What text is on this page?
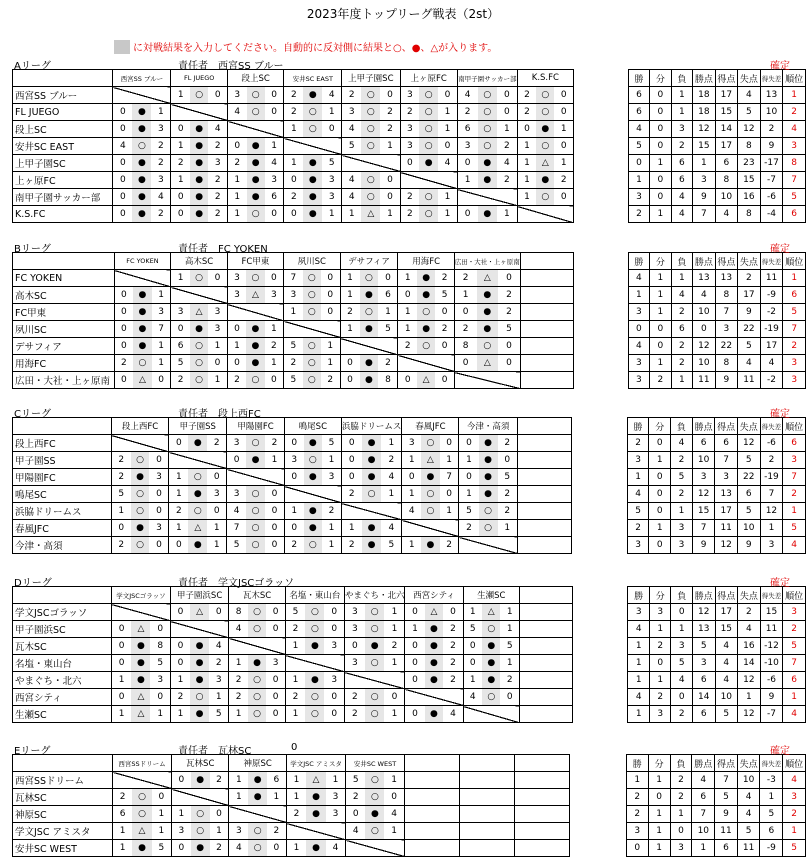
2023年度トップリーグ戦表（2st）
に対戦結果を入力してください。自動的に反対側に結果と○、●、△が入ります。
Aリーグ	責任者 西宮SS ブルー	確定
	西宮SS ブルー	FL JUEGO	段上SC	安井SC EAST	上甲子園SC	上ヶ原FC	南甲子園サッカー部	K.S.FC		勝	分	負	勝点	得点	失点	得失差	順位
西宮SS ブルー		1 ○ 0	3 ○ 0	2 ● 4	2 ○ 0	3 ○ 0	4 ○ 0	2 ○ 0		6	0	1	18	17	4	13	1
FL JUEGO	0 ● 1		4 ○ 0	2 ○ 1	3 ○ 2	2 ○ 1	2 ○ 0	2 ○ 0		6	0	1	18	15	5	10	2
段上SC	0 ● 3	0 ● 4		1 ○ 0	4 ○ 2	3 ○ 1	6 ○ 1	0 ● 1		4	0	3	12	14	12	2	4
安井SC EAST	4 ○ 2	1 ● 2	0 ● 1		5 ○ 1	3 ○ 0	3 ○ 2	1 ○ 0		5	0	2	15	17	8	9	3
上甲子園SC	0 ● 2	2 ● 3	2 ● 4	1 ● 5		0 ● 4	0 ● 4	1 △ 1		0	1	6	1	6	23	-17	8
上ヶ原FC	0 ● 3	1 ● 2	1 ● 3	0 ● 3	4 ○ 0		1 ● 2	1 ● 2		1	0	6	3	8	15	-7	7
南甲子園サッカー部	0 ● 4	0 ● 2	1 ● 6	2 ● 3	4 ○ 0	2 ○ 1		1 ○ 0		3	0	4	9	10	16	-6	5
K.S.FC	0 ● 2	0 ● 2	1 ○ 0	0 ● 1	1 △ 1	2 ○ 1	0 ● 1			2	1	4	7	4	8	-4	6
Bリーグ	責任者 FC YOKEN	確定
	FC YOKEN	高木SC	FC甲東	夙川SC	デサフィア	用海FC	広田・大社・上ヶ原南			勝	分	負	勝点	得点	失点	得失差	順位
FC YOKEN		1 ○ 0	3 ○ 0	7 ○ 0	1 ○ 0	1 ● 2	2 △ 0			4	1	1	13	13	2	11	1
高木SC	0 ● 1		3 △ 3	3 ○ 0	1 ● 6	0 ● 5	1 ● 2			1	1	4	4	8	17	-9	6
FC甲東	0 ● 3	3 △ 3		1 ○ 0	2 ○ 1	1 ○ 0	0 ● 2			3	1	2	10	7	9	-2	5
夙川SC	0 ● 7	0 ● 3	0 ● 1		1 ● 5	1 ● 2	2 ● 5			0	0	6	0	3	22	-19	7
デサフィア	0 ● 1	6 ○ 1	1 ● 2	5 ○ 1		2 ○ 0	8 ○ 0			4	0	2	12	22	5	17	2
用海FC	2 ○ 1	5 ○ 0	0 ● 1	2 ○ 1	0 ● 2		0 △ 0			3	1	2	10	8	4	4	3
広田・大社・上ヶ原南	0 △ 0	2 ○ 1	2 ○ 0	5 ○ 2	0 ● 8	0 △ 0				3	2	1	11	9	11	-2	3
Cリーグ	責任者 段上西FC	確定
	段上西FC	甲子園SS	甲陽園FC	鳴尾SC	浜脇ドリームス	春風JFC	今津・高須			勝	分	負	勝点	得点	失点	得失差	順位
段上西FC		0 ● 2	3 ○ 2	0 ● 5	0 ● 1	3 ○ 0	0 ● 2			2	0	4	6	6	12	-6	6
甲子園SS	2 ○ 0		0 ● 1	3 ○ 1	0 ● 2	1 △ 1	1 ● 0			3	1	2	10	7	5	2	3
甲陽園FC	2 ● 3	1 ○ 0		0 ● 3	0 ● 4	0 ● 7	0 ● 5			1	0	5	3	3	22	-19	7
鳴尾SC	5 ○ 0	1 ● 3	3 ○ 0		2 ○ 1	1 ○ 0	1 ● 2			4	0	2	12	13	6	7	2
浜脇ドリームス	1 ○ 0	2 ○ 0	4 ○ 0	1 ● 2		4 ○ 1	5 ○ 2			5	0	1	15	17	5	12	1
春風JFC	0 ● 3	1 △ 1	7 ○ 0	0 ● 1	1 ● 4		2 ○ 1			2	1	3	7	11	10	1	5
今津・高須	2 ○ 0	0 ● 1	5 ○ 0	2 ○ 1	2 ● 5	1 ● 2				3	0	3	9	12	9	3	4
Dリーグ	責任者 学文JSCゴラッソ	確定
	学文JSCゴラッソ	甲子園浜SC	瓦木SC	名塩・東山台	やまぐち・北六	西宮シティ	生瀬SC			勝	分	負	勝点	得点	失点	得失差	順位
学文JSCゴラッソ		0 △ 0	8 ○ 0	5 ○ 0	3 ○ 1	0 △ 0	1 △ 1			3	3	0	12	17	2	15	3
甲子園浜SC	0 △ 0		4 ○ 0	2 ○ 0	3 ○ 1	1 ● 2	5 ○ 1			4	1	1	13	15	4	11	2
瓦木SC	0 ● 8	0 ● 4		1 ● 3	0 ● 2	0 ● 2	0 ● 5			1	2	3	5	4	16	-12	5
名塩・東山台	0 ● 5	0 ● 2	1 ● 3		3 ○ 1	0 ● 2	0 ● 1			1	0	5	3	4	14	-10	7
やまぐち・北六	1 ● 3	1 ● 3	2 ○ 0	1 ● 3		0 ● 2	1 ● 2			1	1	4	6	4	12	-6	6
西宮シティ	0 △ 0	2 ○ 1	2 ○ 0	2 ○ 0	2 ○ 0		4 ○ 0			4	2	0	14	10	1	9	1
生瀬SC	1 △ 1	1 ● 5	1 ○ 0	1 ○ 0	2 ○ 1	0 ● 4				1	3	2	6	5	12	-7	4
Eリーグ	責任者 瓦林SC	0	確定
	西宮SSドリーム	瓦林SC	神原SC	学文JSC アミスタ	安井SC WEST					勝	分	負	勝点	得点	失点	得失差	順位
西宮SSドリーム		0 ● 2	1 ● 6	1 △ 1	5 ○ 1					1	1	2	4	7	10	-3	4
瓦林SC	2 ○ 0		1 ● 1	1 ● 3	2 ○ 0					2	0	2	6	5	4	1	3
神原SC	6 ○ 1	1 ○ 0		2 ● 3	0 ● 4					2	1	1	7	9	4	5	2
学文JSC アミスタ	1 △ 1	3 ○ 1	3 ○ 2		4 ○ 1					3	1	0	10	11	5	6	1
安井SC WEST	1 ● 5	0 ● 2	4 ○ 0	1 ● 4						0	1	3	1	6	11	-9	5
